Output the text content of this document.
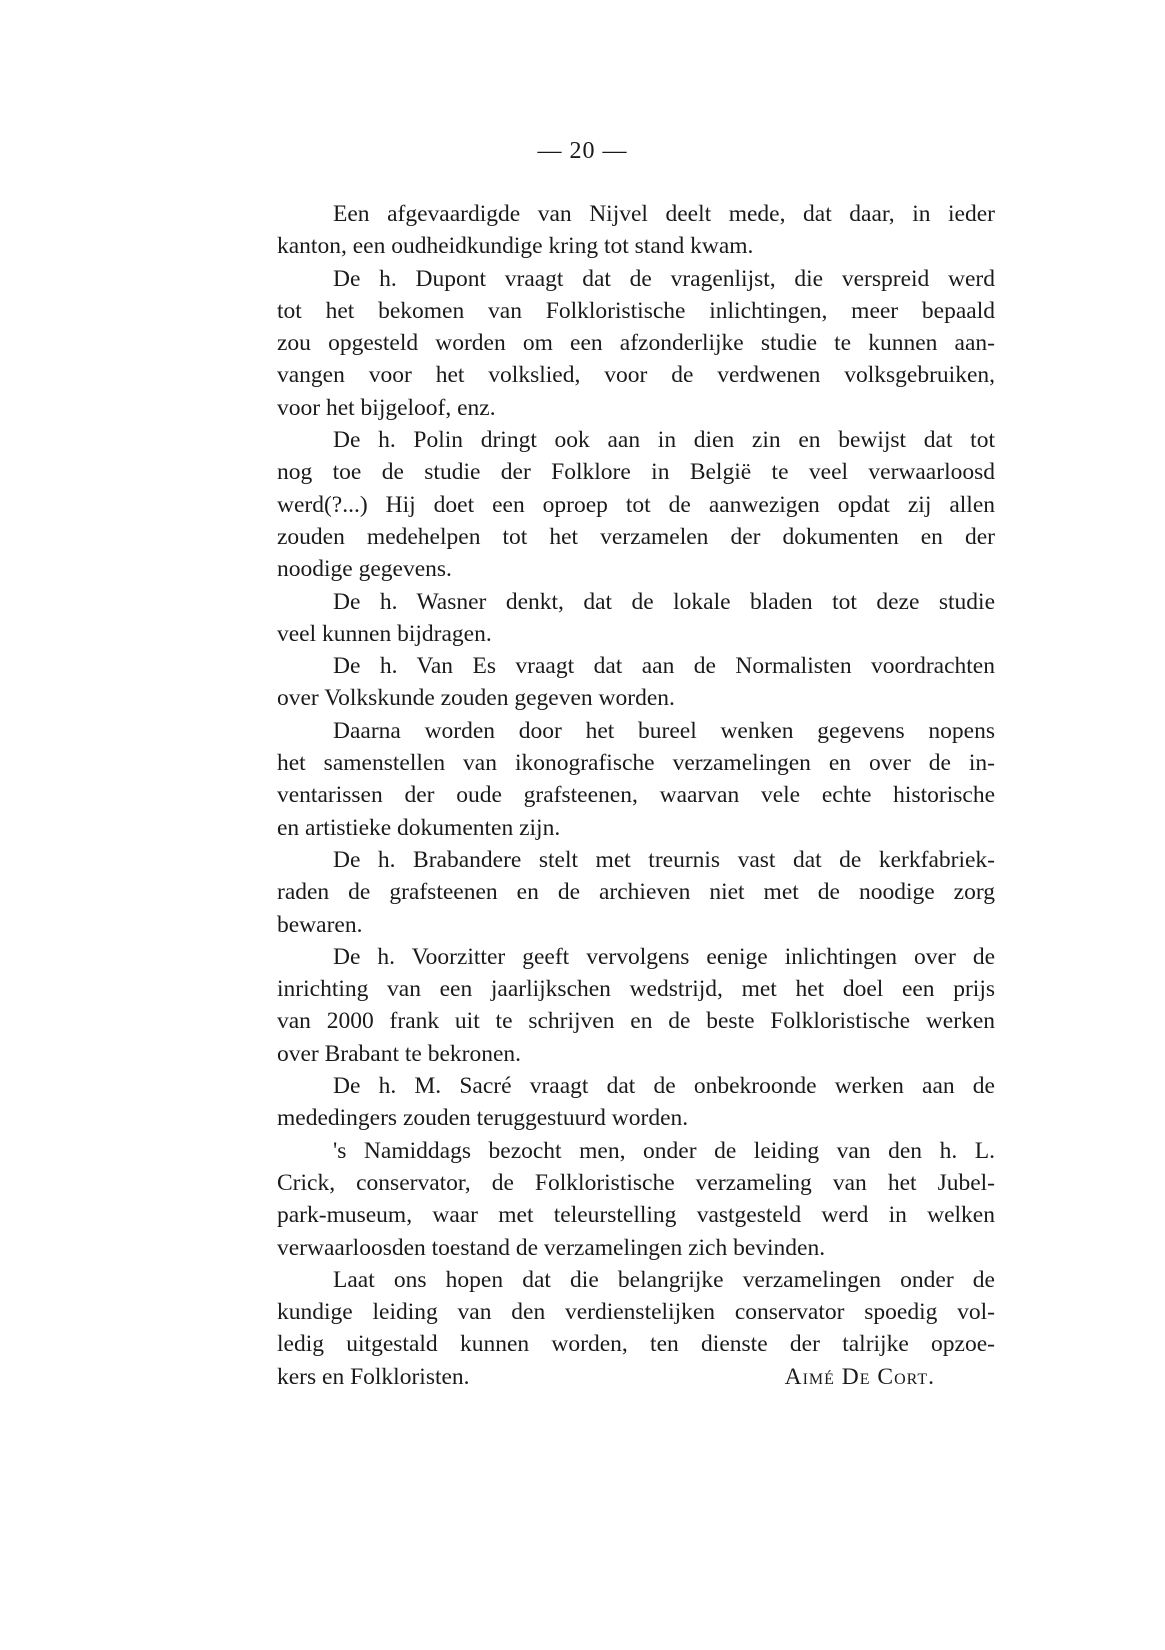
— 20 —
Een afgevaardigde van Nijvel deelt mede, dat daar, in ieder
kanton, een oudheidkundige kring tot stand kwam.
De h. Dupont vraagt dat de vragenlijst, die verspreid werd
tot het bekomen van Folkloristische inlichtingen, meer bepaald
zou opgesteld worden om een afzonderlijke studie te kunnen aan-
vangen voor het volkslied, voor de verdwenen volksgebruiken,
voor het bijgeloof, enz.
De h. Polin dringt ook aan in dien zin en bewijst dat tot
nog toe de studie der Folklore in België te veel verwaarloosd
werd(?...) Hij doet een oproep tot de aanwezigen opdat zij allen
zouden medehelpen tot het verzamelen der dokumenten en der
noodige gegevens.
De h. Wasner denkt, dat de lokale bladen tot deze studie
veel kunnen bijdragen.
De h. Van Es vraagt dat aan de Normalisten voordrachten
over Volkskunde zouden gegeven worden.
Daarna worden door het bureel wenken gegevens nopens
het samenstellen van ikonografische verzamelingen en over de in-
ventarissen der oude grafsteenen, waarvan vele echte historische
en artistieke dokumenten zijn.
De h. Brabandere stelt met treurnis vast dat de kerkfabriek-
raden de grafsteenen en de archieven niet met de noodige zorg
bewaren.
De h. Voorzitter geeft vervolgens eenige inlichtingen over de
inrichting van een jaarlijkschen wedstrijd, met het doel een prijs
van 2000 frank uit te schrijven en de beste Folkloristische werken
over Brabant te bekronen.
De h. M. Sacré vraagt dat de onbekroonde werken aan de
mededingers zouden teruggestuurd worden.
's Namiddags bezocht men, onder de leiding van den h. L.
Crick, conservator, de Folkloristische verzameling van het Jubel-
park-museum, waar met teleurstelling vastgesteld werd in welken
verwaarloosden toestand de verzamelingen zich bevinden.
Laat ons hopen dat die belangrijke verzamelingen onder de
kundige leiding van den verdienstelijken conservator spoedig vol-
ledig uitgestald kunnen worden, ten dienste der talrijke opzoe-
kers en Folkloristen.	Aimé De Cort.
